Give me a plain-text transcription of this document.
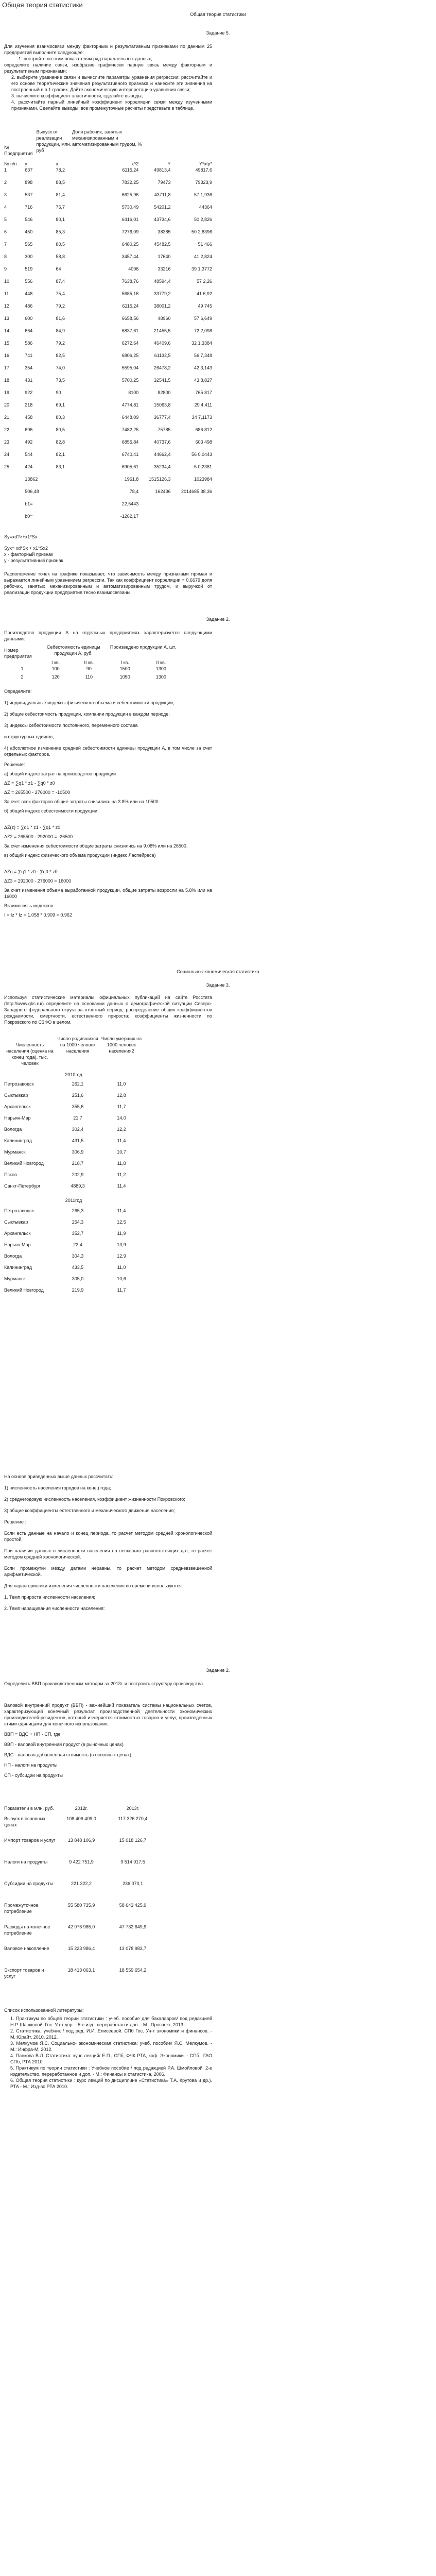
Общая теория статистики
Общая теория статистики
Задание 5.

Для изучения взаимосвязи между факторным и результативным признаками по данным 25 предприятий выполните следующее:

1. постройте по этим показателям ряд параллельных данных;

определите наличие связи, изобразив графически парную связь между факторным и результативным признаками;

2. выберите уравнение связи и вычислите параметры уравнения регрессии; рассчитайте и его основе теоретические значения результативного признака и нанесите эти значения на построенный в п.1 график. Дайте экономическую интерпретацию уравнения связи;

3. вычислите коэффициент эластичности, сделайте выводы;

4. рассчитайте парный линейный коэффициент корреляции связи между изученными признаками. Сделайте выводы; все промежуточные расчеты представьте в таблице.

№ Предприятия	Выпуск от реализации продукции, млн. руб	Доля рабочих, занятых механизированным и автоматизированным трудом, %
№ п/п	у	х	х^2	Y	Y*xtp*
1	637	78,2	6115,24	49813,4	49817,6
2	898	88,5	7832,25	79473	79323,9
3	537	81,4	6625,96	43711,8	57 1,936
4	716	75,7	5730,49	54201,2	44364
5	546	80,1	6416,01	43734,6	50 2,826
6	450	85,3	7276,09	38385	50 2,8396
7	565	80,5	6480,25	45482,5	51 466
8	300	58,8	3457,44	17640	41 2,824
9	519	64	4096	33216	39 1,3772
10	556	87,4	7638,76	48594,4	57 2,26
11	448	75,4	5685,16	33779,2	41 6,92
12	486	79,2	6115,24	38001,2	49 745
13	600	81,6	6658,56	48960	57 6,649
14	664	84,9	6837,61	21455,5	72 2,098
15	586	79,2	6272,64	46409,6	32 1,3384
16	741	82,5	6806,25	61132,5	56 7,348
17	354	74,0	5595,04	26478,2	42 3,143
18	431	73,5	5700,25	32541,5	43 8,827
19	922	90	8100	82800	765 817
20	218	69,1	4774,81	15063,8	29 4,411
21	458	80,3	6448,09	36777,4	34 7,1173
22	696	80,5	7482,25	75785	686 812
23	492	82,8	6855,84	40737,6	603 498
24	544	82,1	6740,41	44662,4	56 0,0443
25	424	83,1	6905,61	35234,4	5 0,2381
	13862		1961,8	1515126,3	1023984
	506,48		78,4	162436	2014685 38,36
	b1=		22,5443		
	b0=		-1262,17		
Sy=xd?>+x1*Sx
Syx= xd*Sx + x1*Sx2
x - факторный признак
y - результативный признак

Расположение точек на графике показывает, что зависимость между признаками прямая и выражается линейным уравнением регрессии. Так как коэффициент корреляции = 0,6679 доля рабочих, занятых механизированным и автоматизированным трудом, и выручкой от реализации продукции предприятия тесно взаимосвязаны.

Задание 2.

Производство продукции А на отдельных предприятиях характеризуется следующими данными:

Номер предприятия	Себестоимость единицы продукции А, руб.		Произведено продукции А, шт.	
	I кв.	II кв.	I кв.	II кв.
1	100	90	1500	1300
2	120	110	1050	1300
Определите:

1) индивидуальные индексы физического объема и себестоимости продукции;

2) общие себестоимость продукции, компании продукции в каждом периоде;

3) индексы себестоимости постоянного, переменного состава

и структурных сдвигов;

4) абсолютное изменение средней себестоимости единицы продукции А, в том числе за счет отдельных факторов.

Решение:

а) общий индекс затрат на производство продукции

ΔZ = ∑q1 * z1 - ∑q0 * z0

ΔZ = 265500 - 276000 = -10500

За счет всех факторов общие затраты снизились на 3.8% или на 10500.

б) общий индекс себестоимости продукции

ΔZ(z) = ∑q1 * z1 - ∑q1 * z0

ΔZ2 = 265500 - 292000 = -26500

За счет изменения себестоимости общие затраты снизились на 9.08% или на 26500.

в) общий индекс физического объема продукции (индекс Ласпейреса)

ΔZq = ∑q1 * z0 - ∑q0 * z0

ΔZ3 = 292000 - 276000 = 16000

За счет изменения объема выработанной продукции, общие затраты возросли на 5.8% или на 16000

Взаимосвязь индексов

I = Iz * Iz = 1.058 * 0.909 = 0.962

Социально-экономическая статистика
Задание 3.

Используя статистические материалы официальных публикаций на сайте Росстата (http://www.gks.ru/) определите на основании данных о демографической ситуации Северо-Западного федерального округа за отчетный период: распределение общих коэффициентов рождаемости, смертности, естественного прироста; коэффициенты жизненности по Покровского по СЗФО в целом.

Численность населения (оценка на конец года), тыс. человек	Число родившихся на 1000 человек населения	Число умерших на 1000 человек населения2
2010год		
Петрозаводск	262,1	11,0
Сыктывкар	251,6	12,8
Архангельск	355,6	11,7
Нарьян-Мар	21,7	14,0
Вологда	302,4	12,2
Калининград	431,5	11,4
Мурманск	306,9	10,7
Великий Новгород	218,7	11,8
Псков	202,9	11,2
Санкт-Петербург	4889,3	11,4
2011год		
Петрозаводск	265,3	11,4
Сыктывкар	254,3	12,5
Архангельск	352,7	11,9
Нарьян-Мар	22,4	13,9
Вологда	304,3	12,9
Калининград	433,5	11,0
Мурманск	305,0	10,6
Великий Новгород	219,9	11,7

На основе приведенных выше данных рассчитать:

1) численность населения городов на конец года;

2) среднегодовую численность населения, коэффициент жизненности Покровского;

3) общие коэффициенты естественного и механического движения населения;

Решение :

Если есть данные на начало и конец периода, то расчет методом средней хронологической простой.

При наличии данных о численности населения на несколько равноотстоящих дат, то расчет методом средней хронологической.

Если промежутки между датами неравны, то расчет методом средневзвешенной арифметической.

Для характеристики изменения численности населения во времени используются:

1. Темп прироста численности населения;

2. Темп наращивания численности населения:

Задание 2.

Определить ВВП производственным методом за 2013г. и построить структуру производства.

Валовой внутренний продукт (ВВП) - важнейший показатель системы национальных счетов, характеризующий конечный результат производственной деятельности экономических производителей-резидентов, который измеряется стоимостью товаров и услуг, произведенных этими единицами для конечного использования.

ВВП = ВДС + НП - СП, где

ВВП - валовой внутренний продукт (в рыночных ценах)

ВДС - валовая добавленная стоимость (в основных ценах)

НП - налоги на продукты

СП - субсидии на продукты

Показатели в млн. руб.	2012г.	2013г.
Выпуск в основных ценах	108 406 409,0	117 326 270,4
Импорт товаров и услуг	13 848 106,9	15 018 126,7
Налоги на продукты	9 422 751,9	9 514 917,5
Субсидии на продукты	221 322,2	236 070,1
Промежуточное потребление	55 580 735,9	58 643 425,9
Расходы на конечное потребление	42 976 985,0	47 732 649,9
Валовое накопление	15 223 986,4	13 078 983,7
Экспорт товаров и услуг	18 413 063,1	18 559 654,2
Список использованной литературы:

1. Практикум по общей теории статистики : учеб. пособие для бакалавров/ под редакцией Н.Р. Шашковой. Гос. Ун-т упр. - 5-е изд., переработан и доп. - М.: Проспект, 2013.

2. Статистика: учебник / под ред. И.И. Елисеевой. СПб Гос. Ун-т экономики и финансов. - М.:Юрайт, 2010, 2012.

3. Мелкумов Я.С. Социально- экономическая статистика: учеб. пособие/ Я.С. Мелкумов. - М.: Инфра-М, 2012.

4. Панкова В.Л. Статистика: курс лекций/ Е.П., СПб, ФЧК РТА, каф. Экономики. - СПб., ГАО СПб, РТА 2010.

5. Практикум по теории статистики : Учебное пособие / под редакцией Р.А. Шмойловой. 2-е издательство, переработанное и доп. - М.: Финансы и статистика, 2006.

6. Общая теория статистики : курс лекций по дисциплине «Статистика» Т.А. Крутова и др.). РТА - М.; Изд-во РТА 2010.
